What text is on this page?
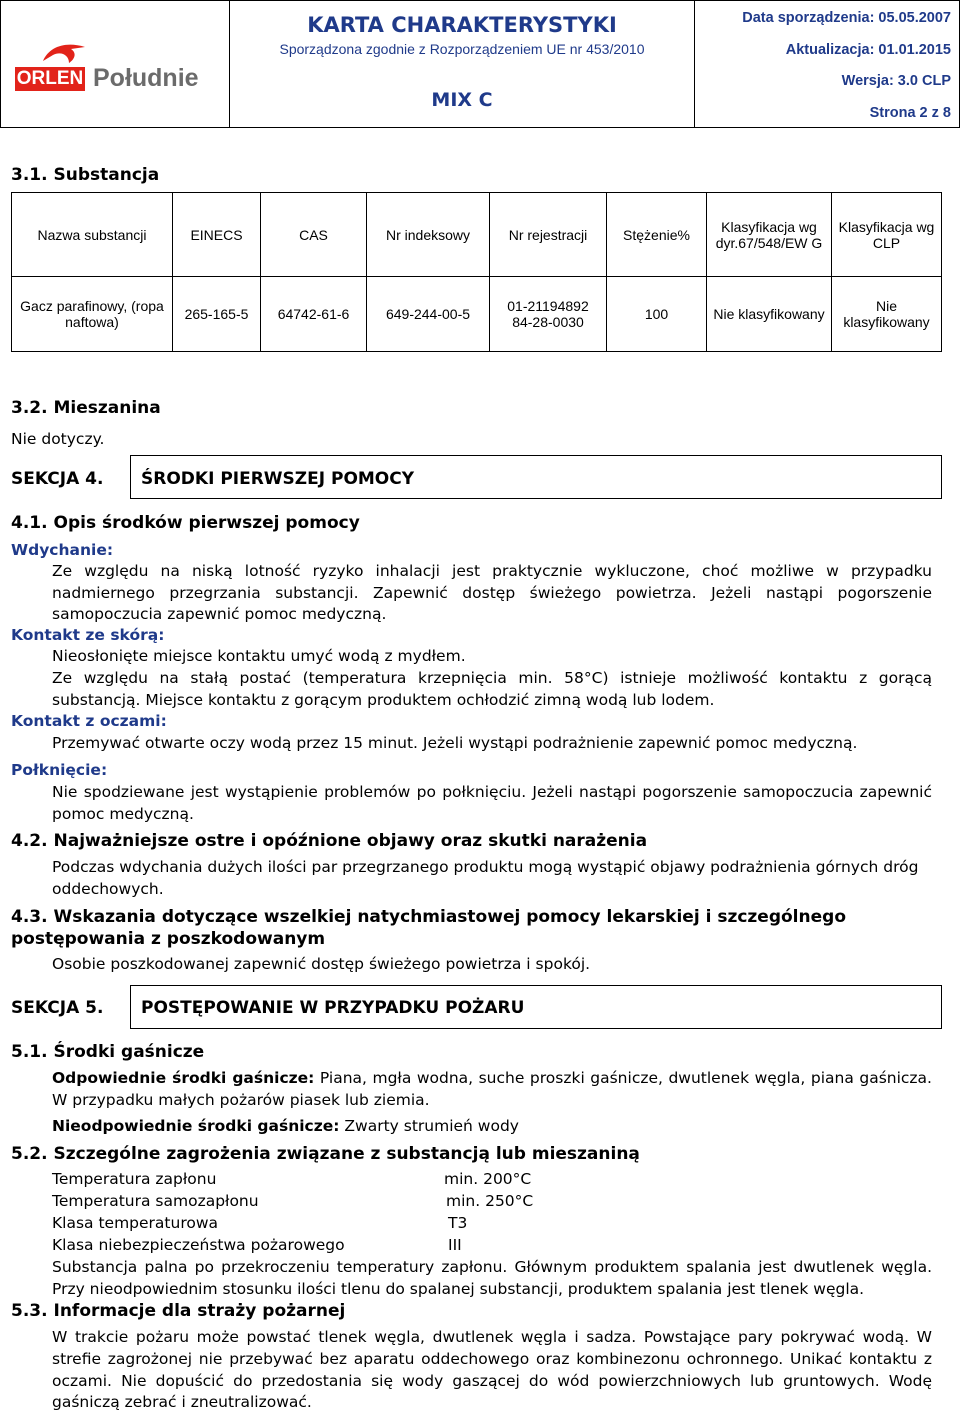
ORLEN Południe

KARTA CHARAKTERYSTYKI
Sporządzona zgodnie z Rozporządzeniem UE nr 453/2010
MIX C

Data sporządzenia: 05.05.2007
Aktualizacja: 01.01.2015
Wersja: 3.0 CLP
Strona 2 z 8
3.1. Substancja
Nazwa substancji	EINECS	CAS	Nr indeksowy	Nr rejestracji	Stężenie%	Klasyfikacja wg dyr.67/548/EW G	Klasyfikacja wg CLP
Gacz parafinowy, (ropa naftowa)	265-165-5	64742-61-6	649-244-00-5	01-2119489284-28-0030	100	Nie klasyfikowany	Nie klasyfikowany
3.2. Mieszanina
Nie dotyczy.
SEKCJA 4. ŚRODKI PIERWSZEJ POMOCY
4.1. Opis środków pierwszej pomocy
Wdychanie:

Ze względu na niską lotność ryzyko inhalacji jest praktycznie wykluczone, choć możliwe w przypadku nadmiernego przegrzania substancji. Zapewnić dostęp świeżego powietrza. Jeżeli nastąpi pogorszenie samopoczucia zapewnić pomoc medyczną.

Kontakt ze skórą:

Nieosłonięte miejsce kontaktu umyć wodą z mydłem.

Ze względu na stałą postać (temperatura krzepnięcia min. 58°C) istnieje możliwość kontaktu z gorącą substancją. Miejsce kontaktu z gorącym produktem ochłodzić zimną wodą lub lodem.

Kontakt z oczami:

Przemywać otwarte oczy wodą przez 15 minut. Jeżeli wystąpi podrażnienie zapewnić pomoc medyczną.

Połknięcie:

Nie spodziewane jest wystąpienie problemów po połknięciu. Jeżeli nastąpi pogorszenie samopoczucia zapewnić pomoc medyczną.

4.2. Najważniejsze ostre i opóźnione objawy oraz skutki narażenia

Podczas wdychania dużych ilości par przegrzanego produktu mogą wystąpić objawy podrażnienia górnych dróg oddechowych.

4.3. Wskazania dotyczące wszelkiej natychmiastowej pomocy lekarskiej i szczególnego postępowania z poszkodowanym

Osobie poszkodowanej zapewnić dostęp świeżego powietrza i spokój.

SEKCJA 5. POSTĘPOWANIE W PRZYPADKU POŻARU
5.1. Środki gaśnicze

Odpowiednie środki gaśnicze: Piana, mgła wodna, suche proszki gaśnicze, dwutlenek węgla, piana gaśnicza. W przypadku małych pożarów piasek lub ziemia.

Nieodpowiednie środki gaśnicze: Zwarty strumień wody

5.2. Szczególne zagrożenia związane z substancją lub mieszaniną
Temperatura zapłonu	min. 200°C
Temperatura samozapłonu	min. 250°C
Klasa temperaturowa	T3
Klasa niebezpieczeństwa pożarowego	III

Substancja palna po przekroczeniu temperatury zapłonu. Głównym produktem spalania jest dwutlenek węgla. Przy nieodpowiednim stosunku ilości tlenu do spalanej substancji, produktem spalania jest tlenek węgla.

5.3. Informacje dla straży pożarnej

W trakcie pożaru może powstać tlenek węgla, dwutlenek węgla i sadza. Powstające pary pokrywać wodą. W strefie zagrożonej nie przebywać bez aparatu oddechowego oraz kombinezonu ochronnego. Unikać kontaktu z oczami. Nie dopuścić do przedostania się wody gaszącej do wód powierzchniowych lub gruntowych. Wodę gaśniczą zebrać i zneutralizować.
